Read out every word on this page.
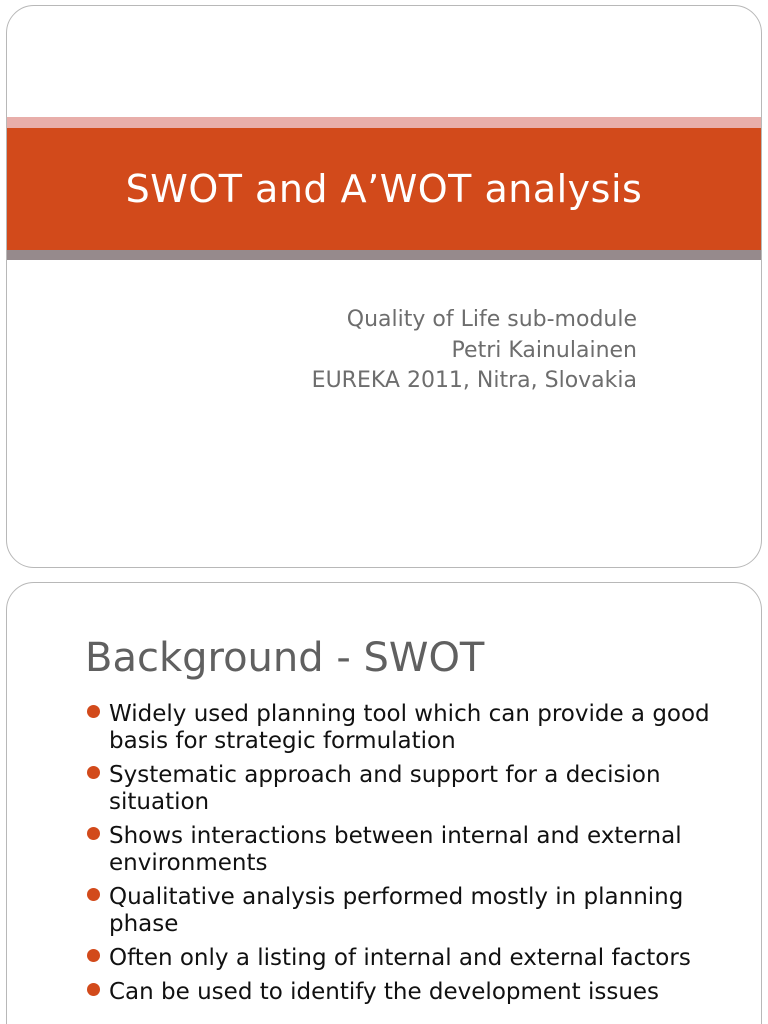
SWOT and A’WOT analysis
Quality of Life sub-module
Petri Kainulainen
EUREKA 2011, Nitra, Slovakia
Background - SWOT
Widely used planning tool which can provide a good basis for strategic formulation
Systematic approach and support for a decision situation
Shows interactions between internal and external environments
Qualitative analysis performed mostly in planning phase
Often only a listing of internal and external factors
Can be used to identify the development issues
